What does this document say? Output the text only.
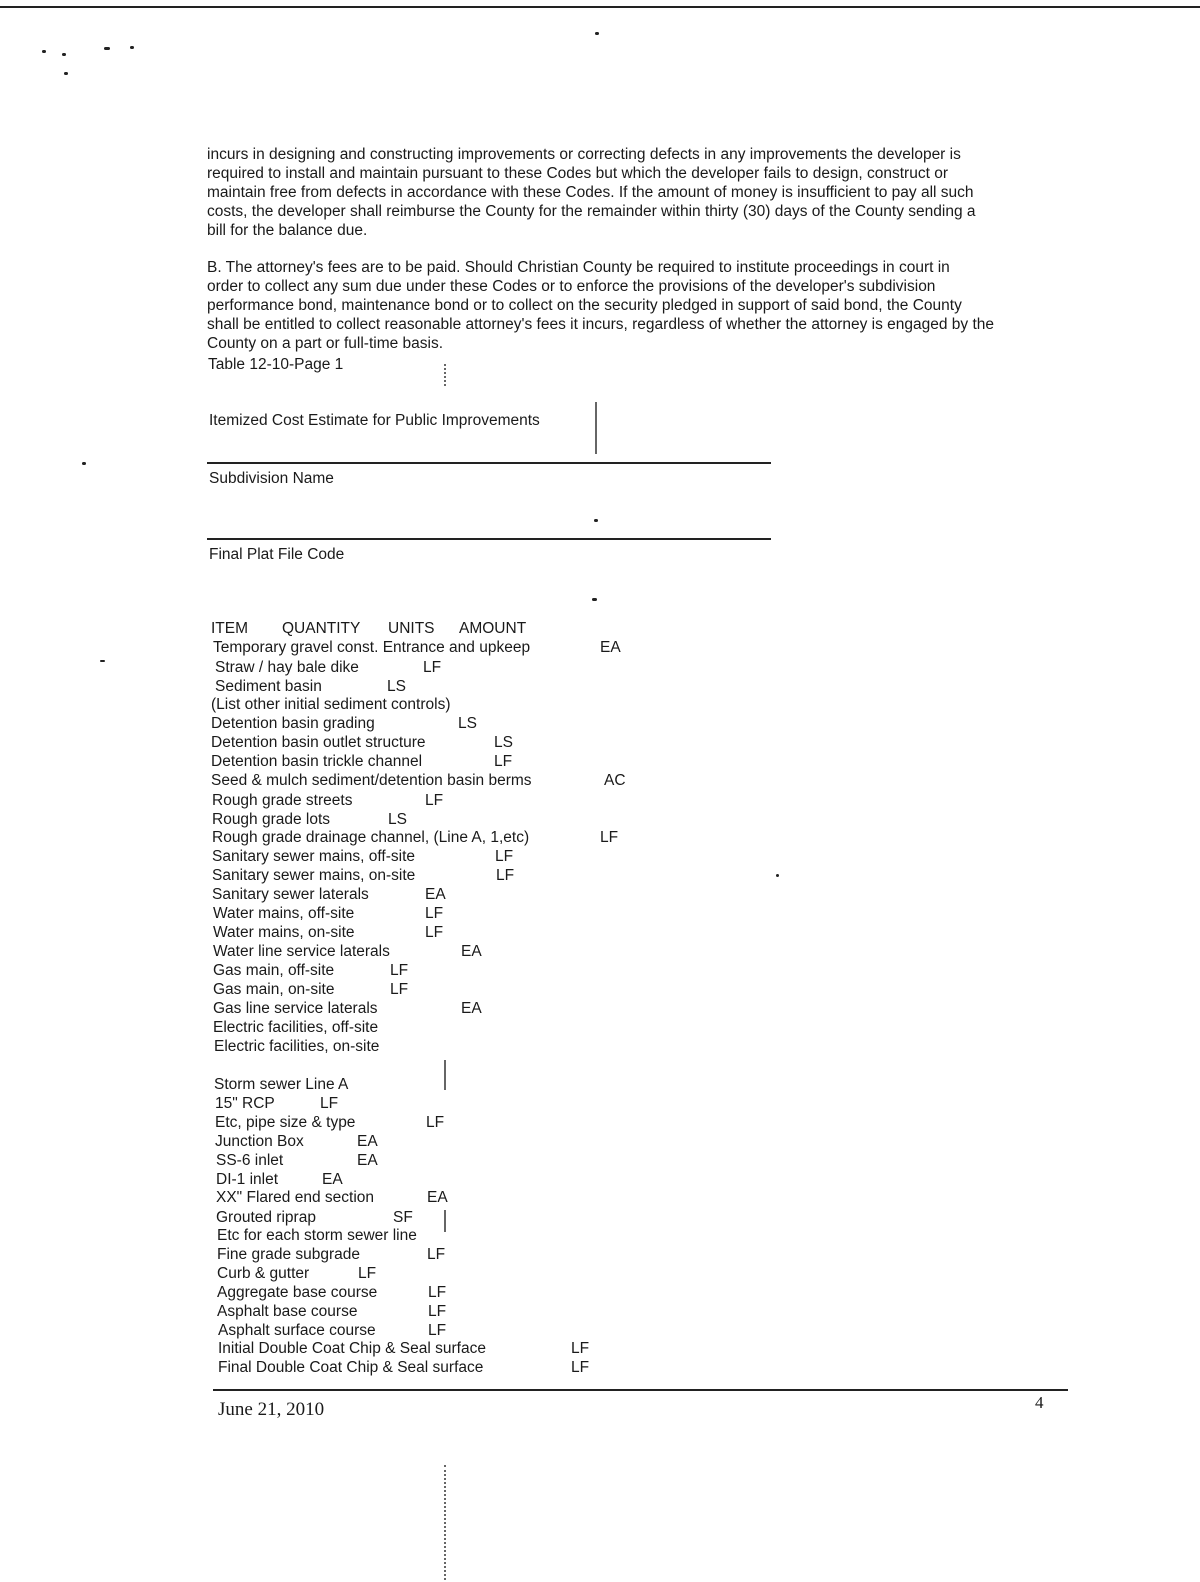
incurs in designing and constructing improvements or correcting defects in any improvements the developer is
required to install and maintain pursuant to these Codes but which the developer fails to design, construct or
maintain free from defects in accordance with these Codes. If the amount of money is insufficient to pay all such
costs, the developer shall reimburse the County for the remainder within thirty (30) days of the County sending a
bill for the balance due.
B. The attorney's fees are to be paid. Should Christian County be required to institute proceedings in court in
order to collect any sum due under these Codes or to enforce the provisions of the developer's subdivision
performance bond, maintenance bond or to collect on the security pledged in support of said bond, the County
shall be entitled to collect reasonable attorney's fees it incurs, regardless of whether the attorney is engaged by the
County on a part or full-time basis.
Table 12-10-Page 1
Itemized Cost Estimate for Public Improvements
Subdivision Name
Final Plat File Code
ITEM QUANTITY UNITS AMOUNT
Temporary gravel const. Entrance and upkeep	EA
Straw / hay bale dike	LF
Sediment basin	LS
(List other initial sediment controls)
Detention basin grading	LS
Detention basin outlet structure	LS
Detention basin trickle channel	LF
Seed & mulch sediment/detention basin berms	AC
Rough grade streets	LF
Rough grade lots	LS
Rough grade drainage channel, (Line A, 1,etc)	LF
Sanitary sewer mains, off-site	LF
Sanitary sewer mains, on-site	LF
Sanitary sewer laterals	EA
Water mains, off-site	LF
Water mains, on-site	LF
Water line service laterals	EA
Gas main, off-site	LF
Gas main, on-site	LF
Gas line service laterals	EA
Electric facilities, off-site
Electric facilities, on-site
Storm sewer Line A
15" RCP	LF
Etc, pipe size & type	LF
Junction Box	EA
SS-6 inlet	EA
DI-1 inlet	EA
XX" Flared end section	EA
Grouted riprap	SF
Etc for each storm sewer line
Fine grade subgrade	LF
Curb & gutter	LF
Aggregate base course	LF
Asphalt base course	LF
Asphalt surface course	LF
Initial Double Coat Chip & Seal surface	LF
Final Double Coat Chip & Seal surface	LF
June 21, 2010	4
